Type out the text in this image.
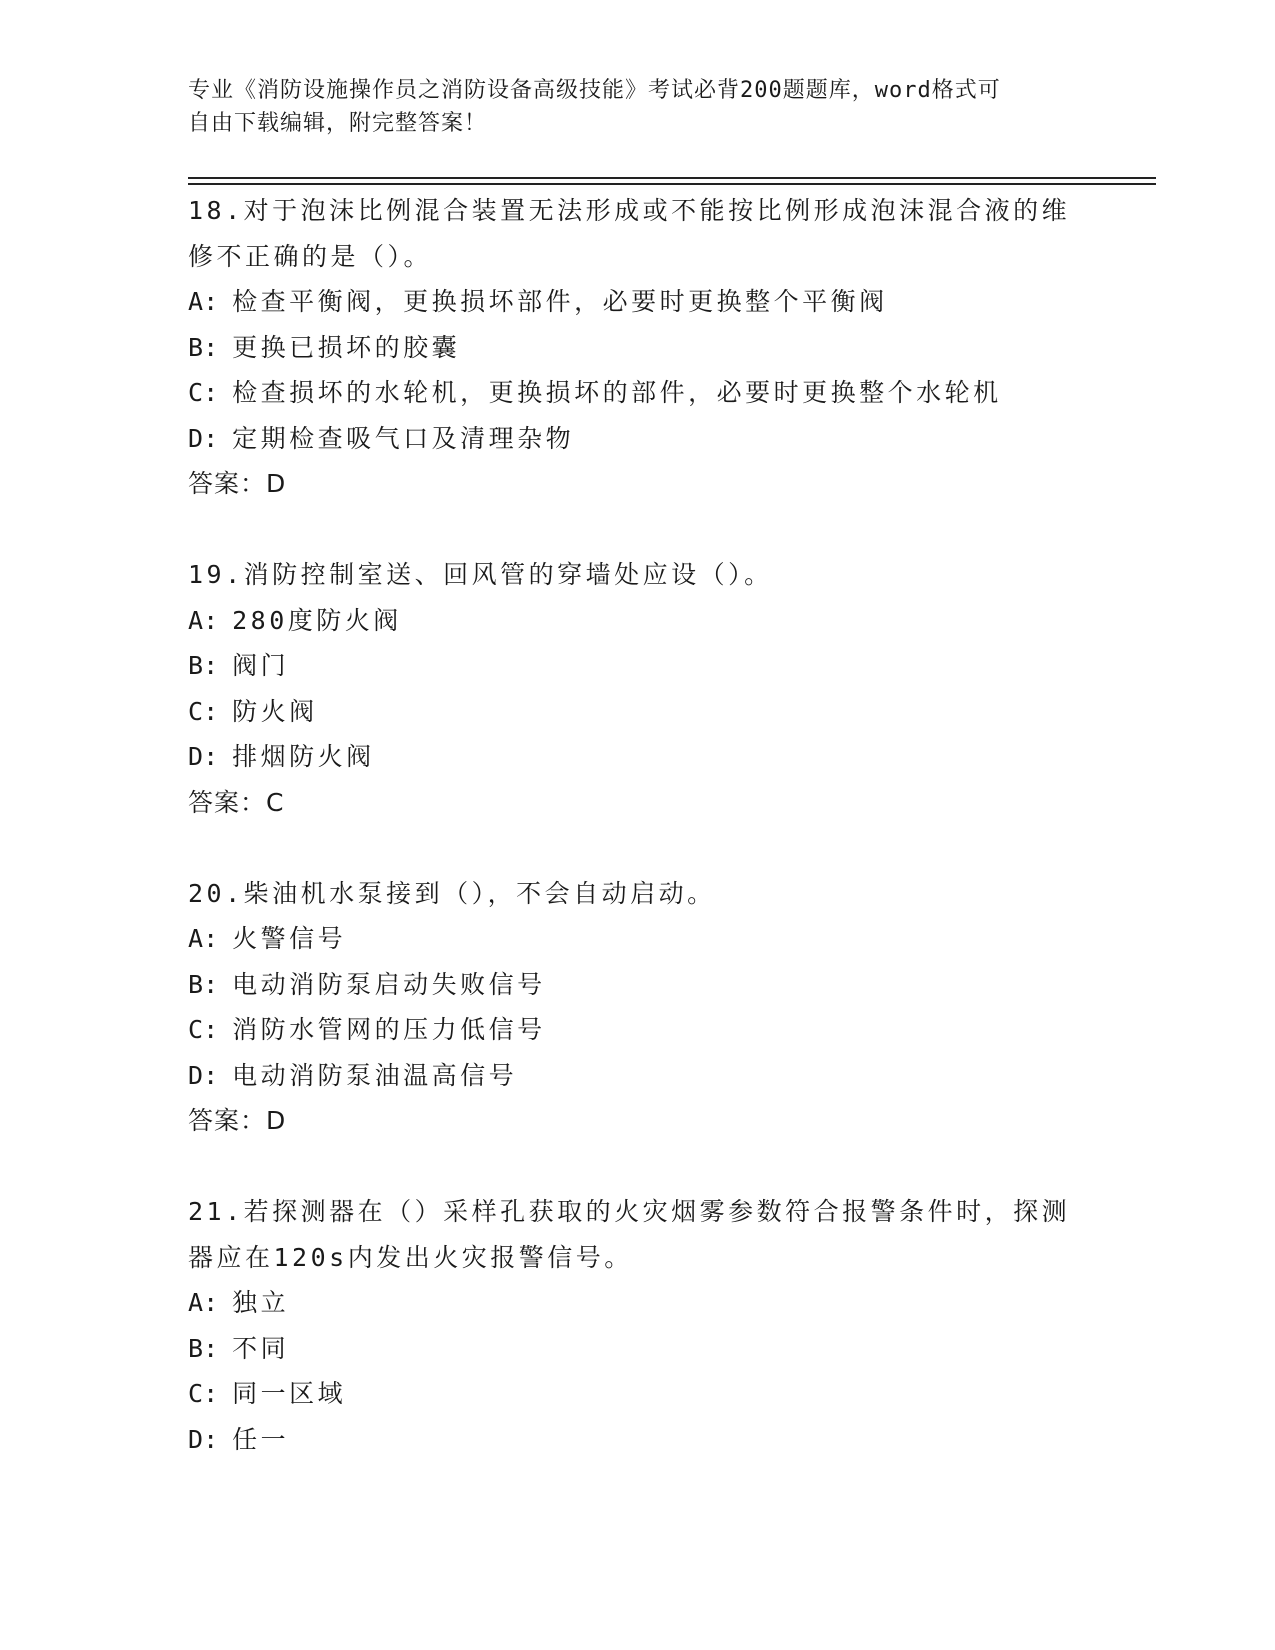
专业《消防设施操作员之消防设备高级技能》考试必背200题题库，word格式可
自由下载编辑，附完整答案！
18.对于泡沫比例混合装置无法形成或不能按比例形成泡沫混合液的维
修不正确的是（）。
A: 检查平衡阀，更换损坏部件，必要时更换整个平衡阀
B: 更换已损坏的胶囊
C: 检查损坏的水轮机，更换损坏的部件，必要时更换整个水轮机
D: 定期检查吸气口及清理杂物
答案：D
19.消防控制室送、回风管的穿墙处应设（）。
A: 280度防火阀
B: 阀门
C: 防火阀
D: 排烟防火阀
答案：C
20.柴油机水泵接到（），不会自动启动。
A: 火警信号
B: 电动消防泵启动失败信号
C: 消防水管网的压力低信号
D: 电动消防泵油温高信号
答案：D
21.若探测器在（）采样孔获取的火灾烟雾参数符合报警条件时，探测
器应在120s内发出火灾报警信号。
A: 独立
B: 不同
C: 同一区域
D: 任一
